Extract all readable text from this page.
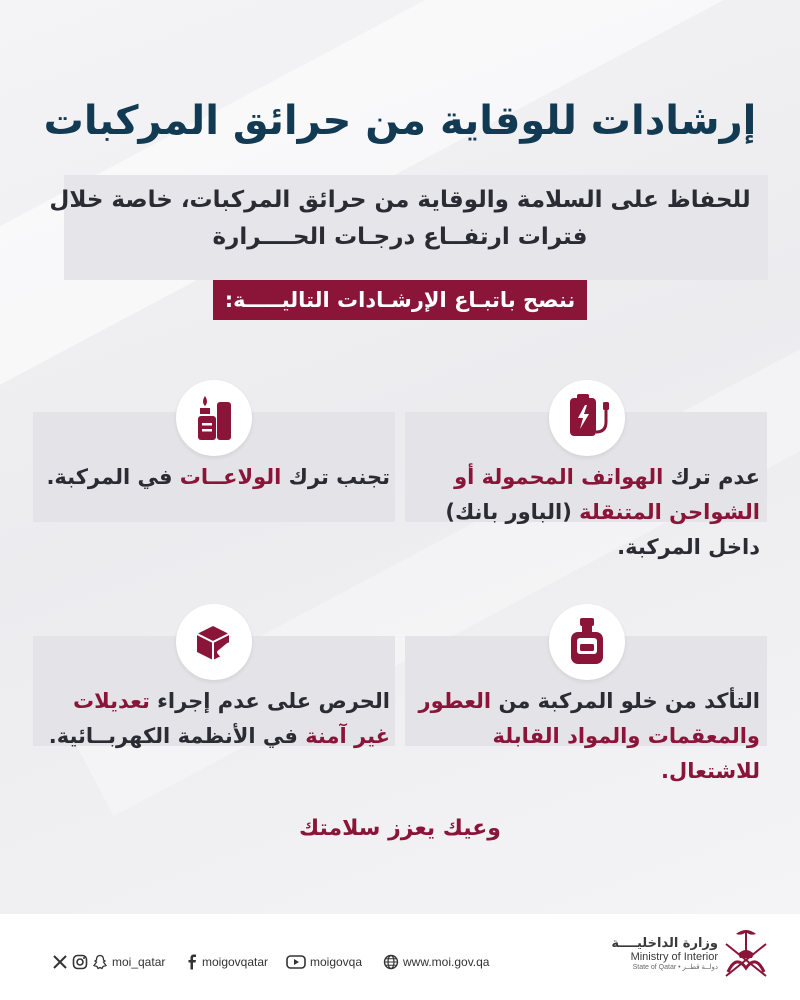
إرشادات للوقاية من حرائق المركبات

للحفاظ على السلامة والوقاية من حرائق المركبات، خاصة خلال فترات ارتفــاع درجـات الحــــرارة

ننصح باتبـاع الإرشـادات التاليـــــة:

عدم ترك الهواتف المحمولة أو الشواحن المتنقلة (الباور بانك) داخل المركبة.

تجنب ترك الولاعــات في المركبة.

التأكد من خلو المركبة من العطور والمعقمات والمواد القابلة للاشتعال.

الحرص على عدم إجراء تعديلات غير آمنة في الأنظمة الكهربــائية.

وعيك يعزز سلامتك

moi_qatar	moigovqatar	moigovqa	www.moi.gov.qa
وزارة الداخليــــة
Ministry of Interior
State of Qatar • دولــة قطــر
